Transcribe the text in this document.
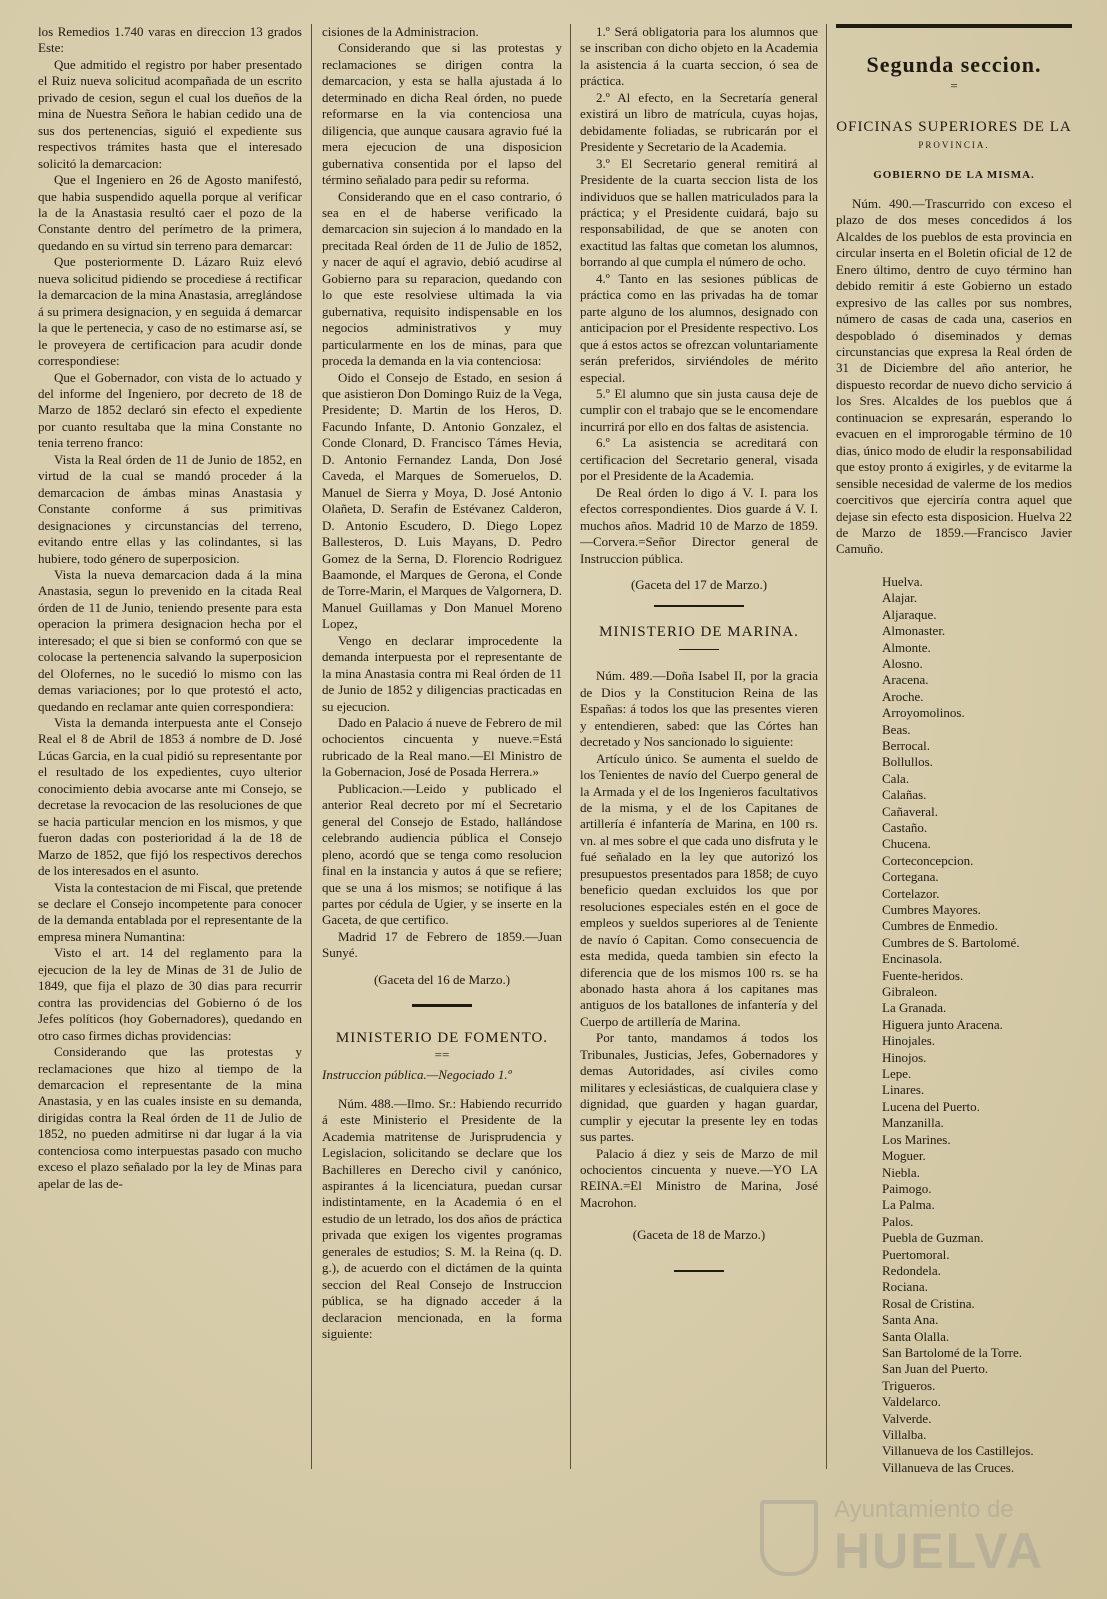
los Remedios 1.740 varas en direccion 13 grados Este:

Que admitido el registro por haber presentado el Ruiz nueva solicitud acompañada de un escrito privado de cesion, segun el cual los dueños de la mina de Nuestra Señora le habian cedido una de sus dos pertenencias, siguió el expediente sus respectivos trámites hasta que el interesado solicitó la demarcacion:

Que el Ingeniero en 26 de Agosto manifestó, que habia suspendido aquella porque al verificar la de la Anastasia resultó caer el pozo de la Constante dentro del perímetro de la primera, quedando en su virtud sin terreno para demarcar:

Que posteriormente D. Lázaro Ruiz elevó nueva solicitud pidiendo se procediese á rectificar la demarcacion de la mina Anastasia, arreglándose á su primera designacion, y en seguida á demarcar la que le pertenecia, y caso de no estimarse así, se le proveyera de certificacion para acudir donde correspondiese:

Que el Gobernador, con vista de lo actuado y del informe del Ingeniero, por decreto de 18 de Marzo de 1852 declaró sin efecto el expediente por cuanto resultaba que la mina Constante no tenia terreno franco:

Vista la Real órden de 11 de Junio de 1852, en virtud de la cual se mandó proceder á la demarcacion de ámbas minas Anastasia y Constante conforme á sus primitivas designaciones y circunstancias del terreno, evitando entre ellas y las colindantes, si las hubiere, todo género de superposicion.

Vista la nueva demarcacion dada á la mina Anastasia, segun lo prevenido en la citada Real órden de 11 de Junio, teniendo presente para esta operacion la primera designacion hecha por el interesado; el que si bien se conformó con que se colocase la pertenencia salvando la superposicion del Olofernes, no le sucedió lo mismo con las demas variaciones; por lo que protestó el acto, quedando en reclamar ante quien correspondiera:

Vista la demanda interpuesta ante el Consejo Real el 8 de Abril de 1853 á nombre de D. José Lúcas Garcia, en la cual pidió su representante por el resultado de los expedientes, cuyo ulterior conocimiento debia avocarse ante mi Consejo, se decretase la revocacion de las resoluciones de que se hacia particular mencion en los mismos, y que fueron dadas con posterioridad á la de 18 de Marzo de 1852, que fijó los respectivos derechos de los interesados en el asunto.

Vista la contestacion de mi Fiscal, que pretende se declare el Consejo incompetente para conocer de la demanda entablada por el representante de la empresa minera Numantina:

Visto el art. 14 del reglamento para la ejecucion de la ley de Minas de 31 de Julio de 1849, que fija el plazo de 30 dias para recurrir contra las providencias del Gobierno ó de los Jefes políticos (hoy Gobernadores), quedando en otro caso firmes dichas providencias:

Considerando que las protestas y reclamaciones que hizo al tiempo de la demarcacion el representante de la mina Anastasia, y en las cuales insiste en su demanda, dirigidas contra la Real órden de 11 de Julio de 1852, no pueden admitirse ni dar lugar á la via contenciosa como interpuestas pasado con mucho exceso el plazo señalado por la ley de Minas para apelar de las de-

cisiones de la Administracion.

Considerando que si las protestas y reclamaciones se dirigen contra la demarcacion, y esta se halla ajustada á lo determinado en dicha Real órden, no puede reformarse en la via contenciosa una diligencia, que aunque causara agravio fué la mera ejecucion de una disposicion gubernativa consentida por el lapso del término señalado para pedir su reforma.

Considerando que en el caso contrario, ó sea en el de haberse verificado la demarcacion sin sujecion á lo mandado en la precitada Real órden de 11 de Julio de 1852, y nacer de aquí el agravio, debió acudirse al Gobierno para su reparacion, quedando con lo que este resolviese ultimada la via gubernativa, requisito indispensable en los negocios administrativos y muy particularmente en los de minas, para que proceda la demanda en la via contenciosa:

Oido el Consejo de Estado, en sesion á que asistieron Don Domingo Ruiz de la Vega, Presidente; D. Martin de los Heros, D. Facundo Infante, D. Antonio Gonzalez, el Conde Clonard, D. Francisco Támes Hevia, D. Antonio Fernandez Landa, Don José Caveda, el Marques de Someruelos, D. Manuel de Sierra y Moya, D. José Antonio Olañeta, D. Serafin de Estévanez Calderon, D. Antonio Escudero, D. Diego Lopez Ballesteros, D. Luis Mayans, D. Pedro Gomez de la Serna, D. Florencio Rodriguez Baamonde, el Marques de Gerona, el Conde de Torre-Marin, el Marques de Valgornera, D. Manuel Guillamas y Don Manuel Moreno Lopez,

Vengo en declarar improcedente la demanda interpuesta por el representante de la mina Anastasia contra mi Real órden de 11 de Junio de 1852 y diligencias practicadas en su ejecucion.

Dado en Palacio á nueve de Febrero de mil ochocientos cincuenta y nueve.=Está rubricado de la Real mano.—El Ministro de la Gobernacion, José de Posada Herrera.»

Publicacion.—Leido y publicado el anterior Real decreto por mí el Secretario general del Consejo de Estado, hallándose celebrando audiencia pública el Consejo pleno, acordó que se tenga como resolucion final en la instancia y autos á que se refiere; que se una á los mismos; se notifique á las partes por cédula de Ugier, y se inserte en la Gaceta, de que certifico.

Madrid 17 de Febrero de 1859.—Juan Sunyé.

(Gaceta del 16 de Marzo.)

MINISTERIO DE FOMENTO.
==

Instruccion pública.—Negociado 1.º

Núm. 488.—Ilmo. Sr.: Habiendo recurrido á este Ministerio el Presidente de la Academia matritense de Jurisprudencia y Legislacion, solicitando se declare que los Bachilleres en Derecho civil y canónico, aspirantes á la licenciatura, puedan cursar indistintamente, en la Academia ó en el estudio de un letrado, los dos años de práctica privada que exigen los vigentes programas generales de estudios; S. M. la Reina (q. D. g.), de acuerdo con el dictámen de la quinta seccion del Real Consejo de Instruccion pública, se ha dignado acceder á la declaracion mencionada, en la forma siguiente:

1.º Será obligatoria para los alumnos que se inscriban con dicho objeto en la Academia la asistencia á la cuarta seccion, ó sea de práctica.

2.º Al efecto, en la Secretaría general existirá un libro de matrícula, cuyas hojas, debidamente foliadas, se rubricarán por el Presidente y Secretario de la Academia.

3.º El Secretario general remitirá al Presidente de la cuarta seccion lista de los individuos que se hallen matriculados para la práctica; y el Presidente cuidará, bajo su responsabilidad, de que se anoten con exactitud las faltas que cometan los alumnos, borrando al que cumpla el número de ocho.

4.º Tanto en las sesiones públicas de práctica como en las privadas ha de tomar parte alguno de los alumnos, designado con anticipacion por el Presidente respectivo. Los que á estos actos se ofrezcan voluntariamente serán preferidos, sirviéndoles de mérito especial.

5.º El alumno que sin justa causa deje de cumplir con el trabajo que se le encomendare incurrirá por ello en dos faltas de asistencia.

6.º La asistencia se acreditará con certificacion del Secretario general, visada por el Presidente de la Academia.

De Real órden lo digo á V. I. para los efectos correspondientes. Dios guarde á V. I. muchos años. Madrid 10 de Marzo de 1859.—Corvera.=Señor Director general de Instruccion pública.

(Gaceta del 17 de Marzo.)

MINISTERIO DE MARINA.

Núm. 489.—Doña Isabel II, por la gracia de Dios y la Constitucion Reina de las Españas: á todos los que las presentes vieren y entendieren, sabed: que las Córtes han decretado y Nos sancionado lo siguiente:

Artículo único. Se aumenta el sueldo de los Tenientes de navío del Cuerpo general de la Armada y el de los Ingenieros facultativos de la misma, y el de los Capitanes de artillería é infantería de Marina, en 100 rs. vn. al mes sobre el que cada uno disfruta y le fué señalado en la ley que autorizó los presupuestos presentados para 1858; de cuyo beneficio quedan excluidos los que por resoluciones especiales estén en el goce de empleos y sueldos superiores al de Teniente de navío ó Capitan. Como consecuencia de esta medida, queda tambien sin efecto la diferencia que de los mismos 100 rs. se ha abonado hasta ahora á los capitanes mas antiguos de los batallones de infantería y del Cuerpo de artillería de Marina.

Por tanto, mandamos á todos los Tribunales, Justicias, Jefes, Gobernadores y demas Autoridades, así civiles como militares y eclesiásticas, de cualquiera clase y dignidad, que guarden y hagan guardar, cumplir y ejecutar la presente ley en todas sus partes.

Palacio á diez y seis de Marzo de mil ochocientos cincuenta y nueve.—YO LA REINA.=El Ministro de Marina, José Macrohon.

(Gaceta de 18 de Marzo.)

Segunda seccion.
=
OFICINAS SUPERIORES DE LA
PROVINCIA.
GOBIERNO DE LA MISMA.

Núm. 490.—Trascurrido con exceso el plazo de dos meses concedidos á los Alcaldes de los pueblos de esta provincia en circular inserta en el Boletin oficial de 12 de Enero último, dentro de cuyo término han debido remitir á este Gobierno un estado expresivo de las calles por sus nombres, número de casas de cada una, caserios en despoblado ó diseminados y demas circunstancias que expresa la Real órden de 31 de Diciembre del año anterior, he dispuesto recordar de nuevo dicho servicio á los Sres. Alcaldes de los pueblos que á continuacion se expresarán, esperando lo evacuen en el improrogable término de 10 dias, único modo de eludir la responsabilidad que estoy pronto á exigirles, y de evitarme la sensible necesidad de valerme de los medios coercitivos que ejerciría contra aquel que dejase sin efecto esta disposicion. Huelva 22 de Marzo de 1859.—Francisco Javier Camuño.

Huelva.
Alajar.
Aljaraque.
Almonaster.
Almonte.
Alosno.
Aracena.
Aroche.
Arroyomolinos.
Beas.
Berrocal.
Bollullos.
Cala.
Calañas.
Cañaveral.
Castaño.
Chucena.
Corteconcepcion.
Cortegana.
Cortelazor.
Cumbres Mayores.
Cumbres de Enmedio.
Cumbres de S. Bartolomé.
Encinasola.
Fuente-heridos.
Gibraleon.
La Granada.
Higuera junto Aracena.
Hinojales.
Hinojos.
Lepe.
Linares.
Lucena del Puerto.
Manzanilla.
Los Marines.
Moguer.
Niebla.
Paimogo.
La Palma.
Palos.
Puebla de Guzman.
Puertomoral.
Redondela.
Rociana.
Rosal de Cristina.
Santa Ana.
Santa Olalla.
San Bartolomé de la Torre.
San Juan del Puerto.
Trigueros.
Valdelarco.
Valverde.
Villalba.
Villanueva de los Castillejos.
Villanueva de las Cruces.
Ayuntamiento de
HUELVA
